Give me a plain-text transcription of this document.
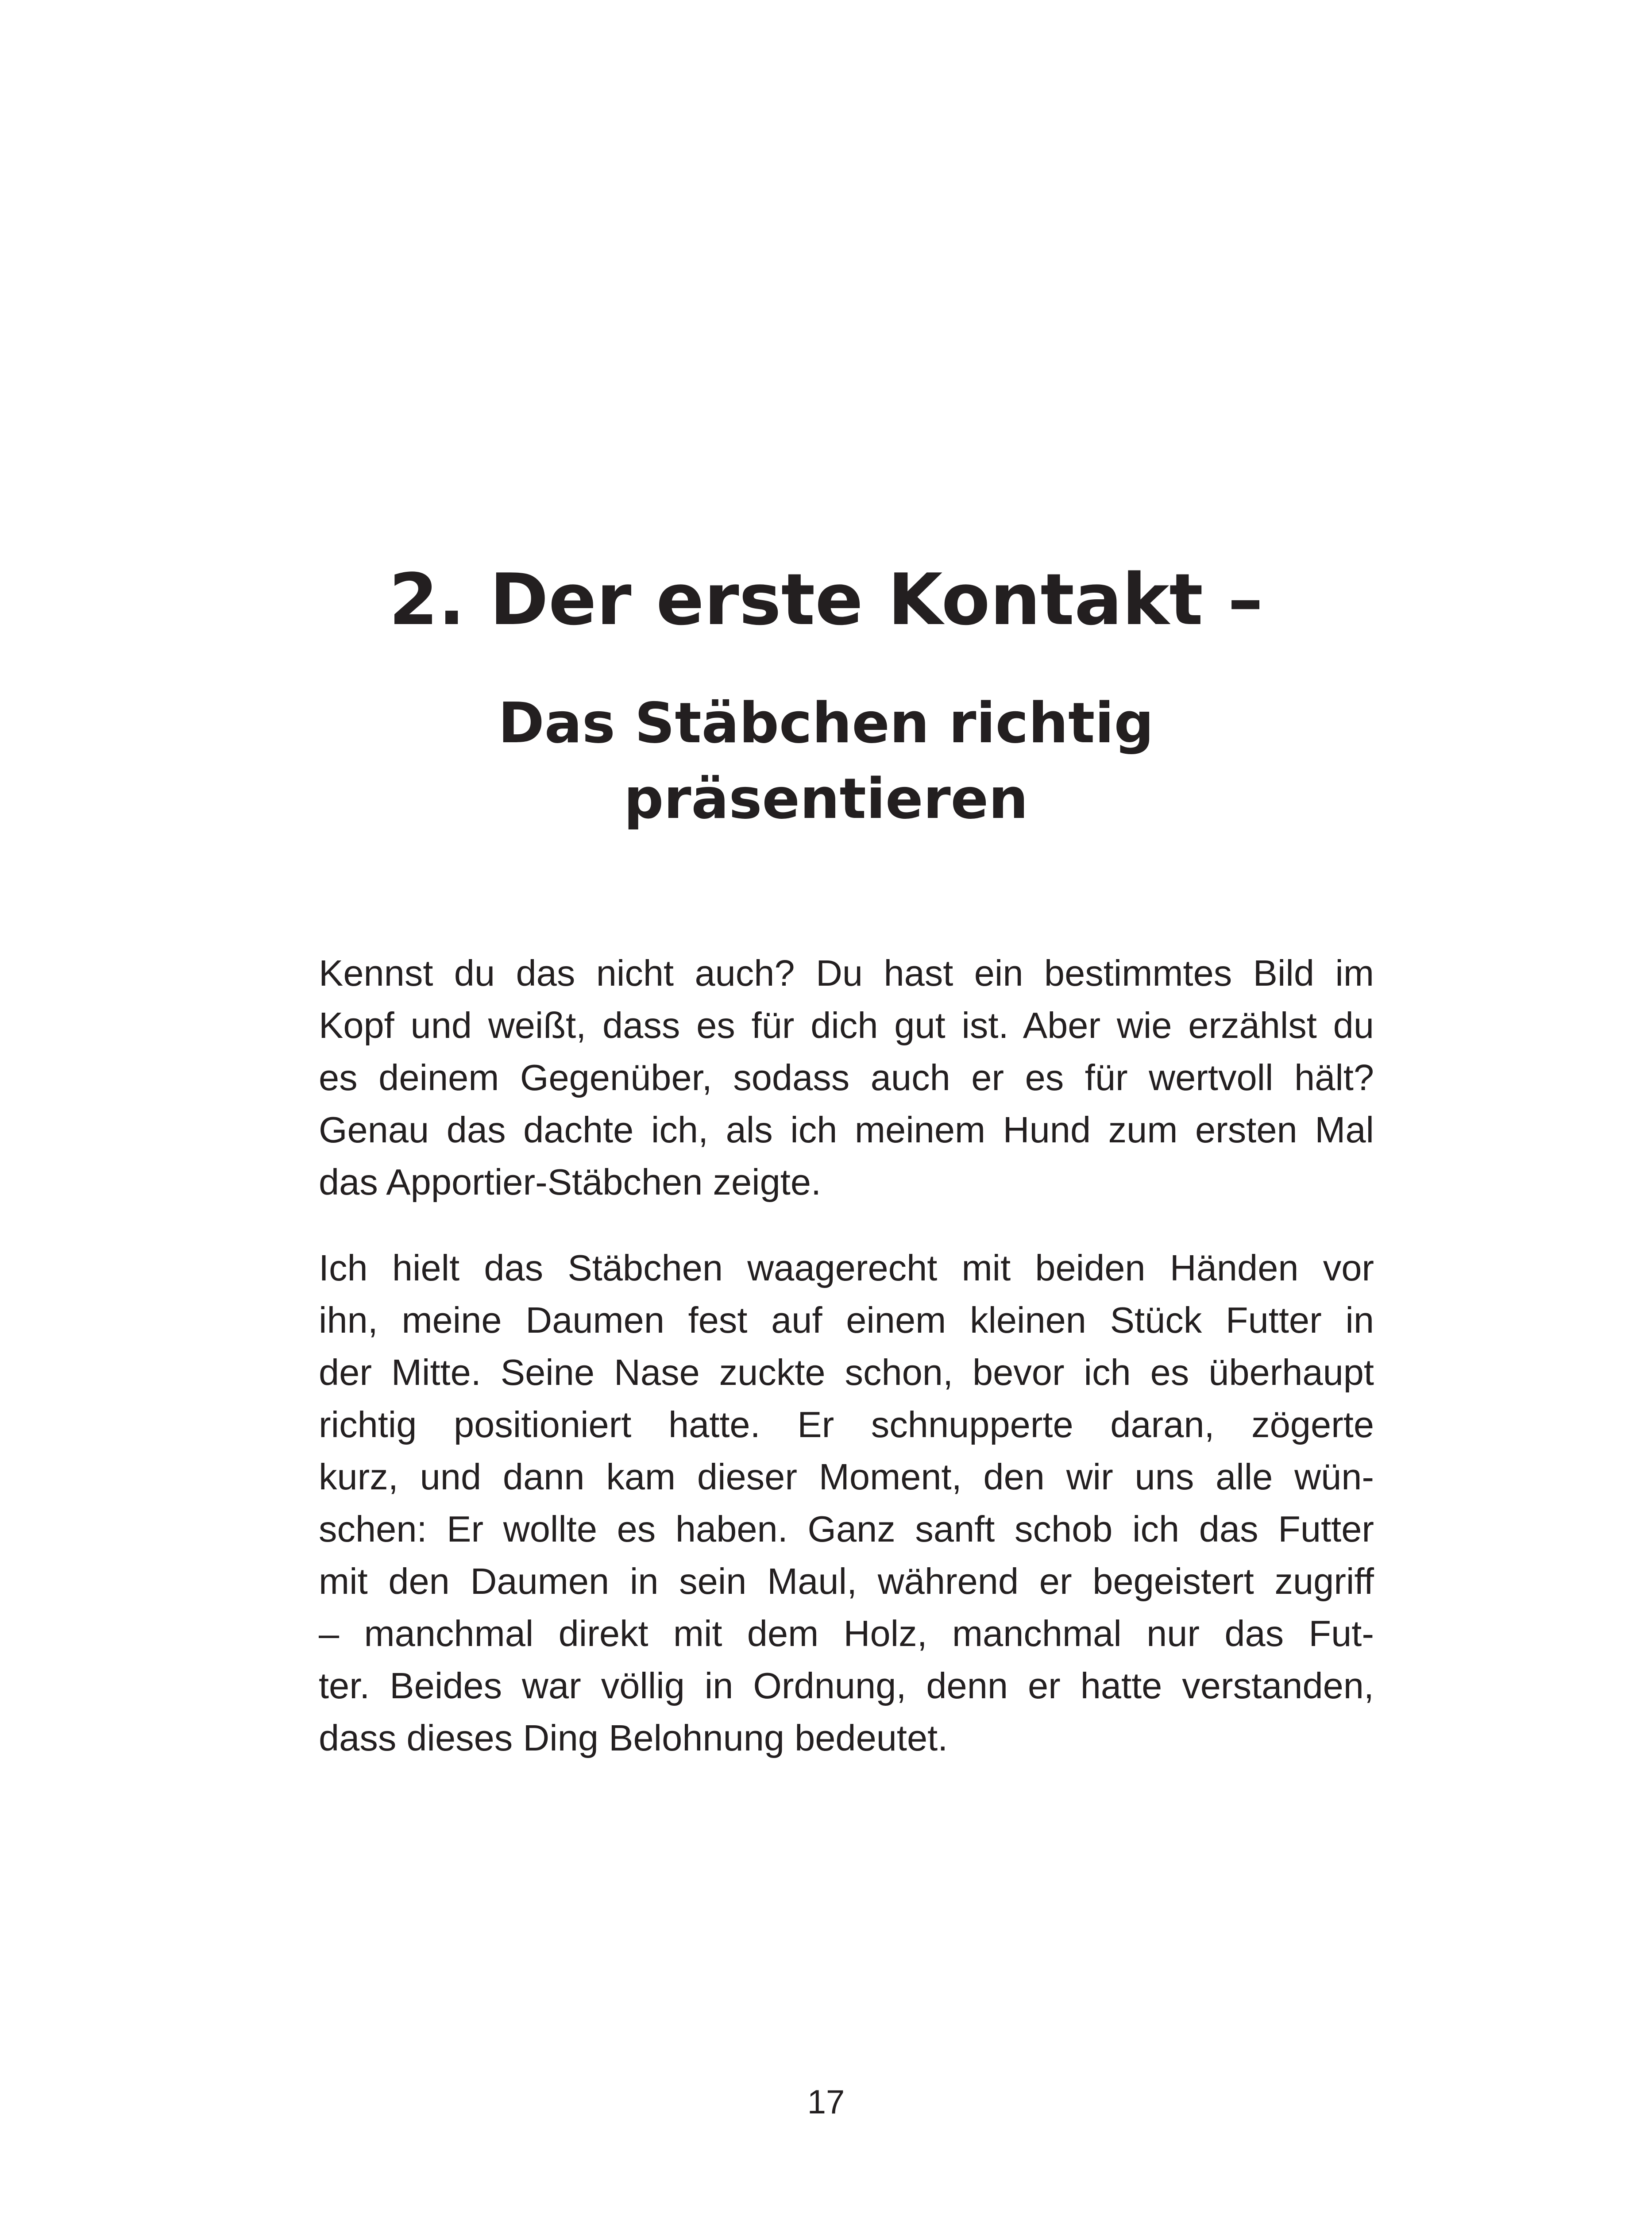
2. Der erste Kontakt –
Das Stäbchen richtig
präsentieren
Kennst du das nicht auch? Du hast ein bestimmtes Bild im
Kopf und weißt, dass es für dich gut ist. Aber wie erzählst du
es deinem Gegenüber, sodass auch er es für wertvoll hält?
Genau das dachte ich, als ich meinem Hund zum ersten Mal
das Apportier-Stäbchen zeigte.
Ich hielt das Stäbchen waagerecht mit beiden Händen vor
ihn, meine Daumen fest auf einem kleinen Stück Futter in
der Mitte. Seine Nase zuckte schon, bevor ich es überhaupt
richtig positioniert hatte. Er schnupperte daran, zögerte
kurz, und dann kam dieser Moment, den wir uns alle wün-
schen: Er wollte es haben. Ganz sanft schob ich das Futter
mit den Daumen in sein Maul, während er begeistert zugriff
– manchmal direkt mit dem Holz, manchmal nur das Fut-
ter. Beides war völlig in Ordnung, denn er hatte verstanden,
dass dieses Ding Belohnung bedeutet.
17
